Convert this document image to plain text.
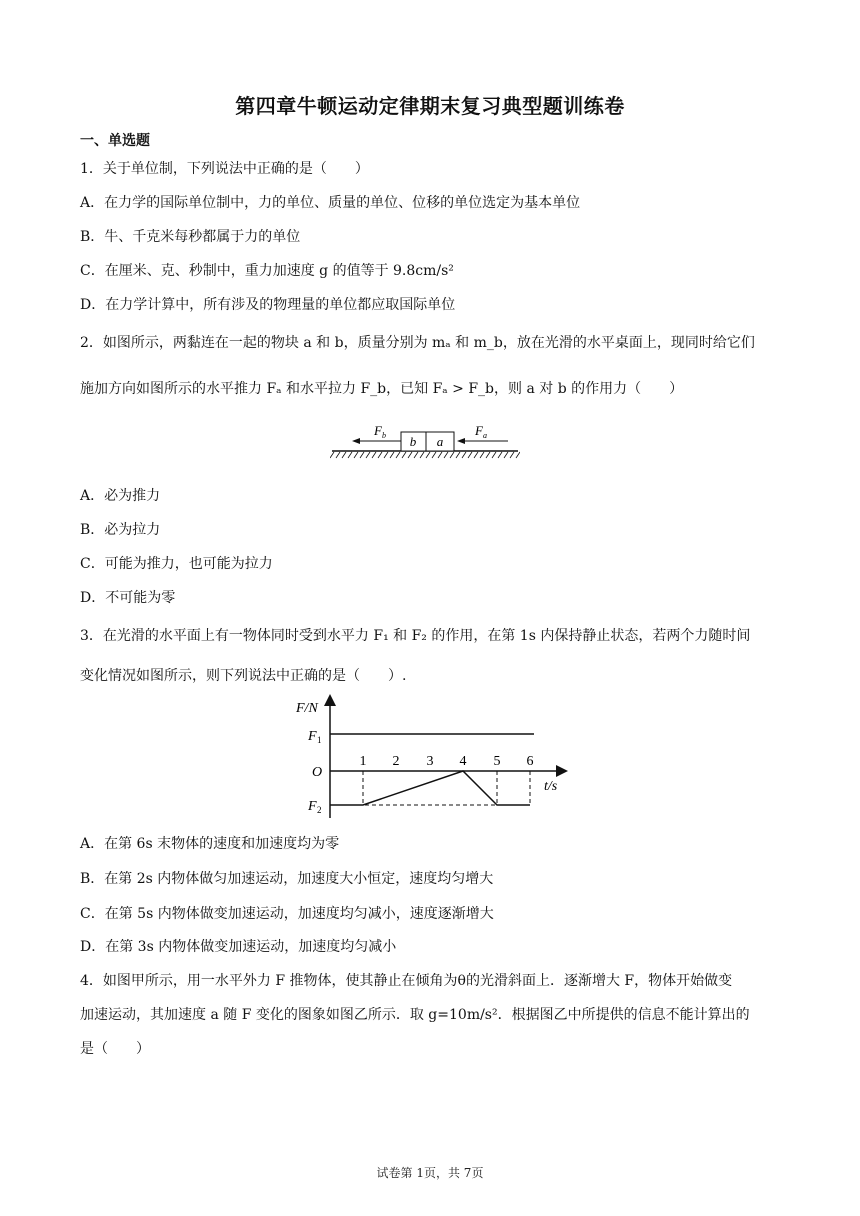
第四章牛顿运动定律期末复习典型题训练卷
一、单选题
1．关于单位制，下列说法中正确的是（　　）
A．在力学的国际单位制中，力的单位、质量的单位、位移的单位选定为基本单位
B．牛、千克米每秒都属于力的单位
C．在厘米、克、秒制中，重力加速度 g 的值等于 9.8cm/s²
D．在力学计算中，所有涉及的物理量的单位都应取国际单位
2．如图所示，两黏连在一起的物块 a 和 b，质量分别为 mₐ 和 m_b，放在光滑的水平桌面上，现同时给它们
施加方向如图所示的水平推力 Fₐ 和水平拉力 F_b，已知 Fₐ > F_b，则 a 对 b 的作用力（　　）
b a
F b	F a
A．必为推力
B．必为拉力
C．可能为推力，也可能为拉力
D．不可能为零
3．在光滑的水平面上有一物体同时受到水平力 F₁ 和 F₂ 的作用，在第 1s 内保持静止状态，若两个力随时间
变化情况如图所示，则下列说法中正确的是（　　）.
1 2 3 4 5 6
F/N
t/s
O
F 1
F 2
A．在第 6s 末物体的速度和加速度均为零
B．在第 2s 内物体做匀加速运动，加速度大小恒定，速度均匀增大
C．在第 5s 内物体做变加速运动，加速度均匀减小，速度逐渐增大
D．在第 3s 内物体做变加速运动，加速度均匀减小
4．如图甲所示，用一水平外力 F 推物体，使其静止在倾角为θ的光滑斜面上．逐渐增大 F，物体开始做变
加速运动，其加速度 a 随 F 变化的图象如图乙所示．取 g=10m/s²．根据图乙中所提供的信息不能计算出的
是（　　）
试卷第 1页，共 7页
